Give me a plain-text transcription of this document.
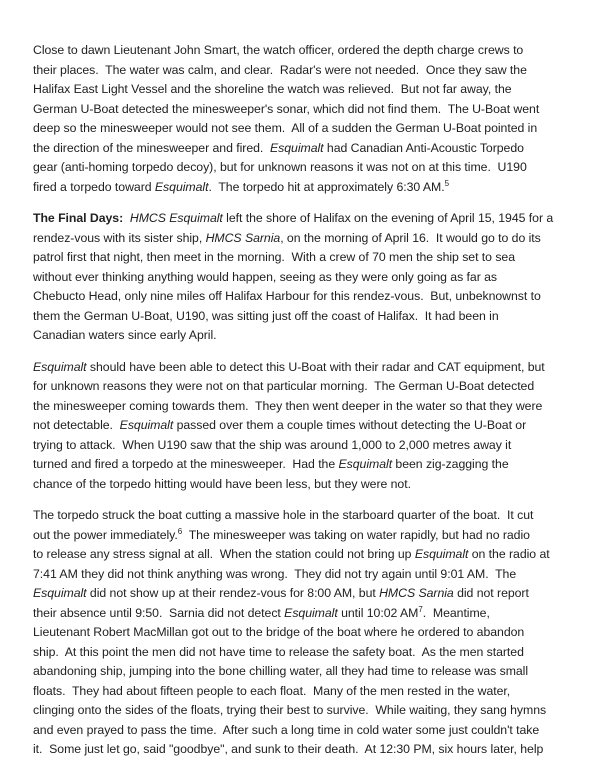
Close to dawn Lieutenant John Smart, the watch officer, ordered the depth charge crews to
their places.  The water was calm, and clear.  Radar's were not needed.  Once they saw the
Halifax East Light Vessel and the shoreline the watch was relieved.  But not far away, the
German U-Boat detected the minesweeper's sonar, which did not find them.  The U-Boat went
deep so the minesweeper would not see them.  All of a sudden the German U-Boat pointed in
the direction of the minesweeper and fired.  Esquimalt had Canadian Anti-Acoustic Torpedo
gear (anti-homing torpedo decoy), but for unknown reasons it was not on at this time.  U190
fired a torpedo toward Esquimalt.  The torpedo hit at approximately 6:30 AM.$^5$
The Final Days: HMCS Esquimalt left the shore of Halifax on the evening of April 15, 1945 for a
rendez-vous with its sister ship, HMCS Sarnia, on the morning of April 16.  It would go to do its
patrol first that night, then meet in the morning.  With a crew of 70 men the ship set to sea
without ever thinking anything would happen, seeing as they were only going as far as
Chebucto Head, only nine miles off Halifax Harbour for this rendez-vous.  But, unbeknownst to
them the German U-Boat, U190, was sitting just off the coast of Halifax.  It had been in
Canadian waters since early April.
Esquimalt should have been able to detect this U-Boat with their radar and CAT equipment, but
for unknown reasons they were not on that particular morning.  The German U-Boat detected
the minesweeper coming towards them.  They then went deeper in the water so that they were
not detectable.  Esquimalt passed over them a couple times without detecting the U-Boat or
trying to attack.  When U190 saw that the ship was around 1,000 to 2,000 metres away it
turned and fired a torpedo at the minesweeper.  Had the Esquimalt been zig-zagging the
chance of the torpedo hitting would have been less, but they were not.
The torpedo struck the boat cutting a massive hole in the starboard quarter of the boat.  It cut
out the power immediately.$^6$  The minesweeper was taking on water rapidly, but had no radio
to release any stress signal at all.  When the station could not bring up Esquimalt on the radio at
7:41 AM they did not think anything was wrong.  They did not try again until 9:01 AM.  The
Esquimalt did not show up at their rendez-vous for 8:00 AM, but HMCS Sarnia did not report
their absence until 9:50.  Sarnia did not detect Esquimalt until 10:02 $AM^7$.  Meantime,
Lieutenant Robert MacMillan got out to the bridge of the boat where he ordered to abandon
ship.  At this point the men did not have time to release the safety boat.  As the men started
abandoning ship, jumping into the bone chilling water, all they had time to release was small
floats.  They had about fifteen people to each float.  Many of the men rested in the water,
clinging onto the sides of the floats, trying their best to survive.  While waiting, they sang hymns
and even prayed to pass the time.  After such a long time in cold water some just couldn't take
it.  Some just let go, said "goodbye", and sunk to their death.  At 12:30 PM, six hours later, help
